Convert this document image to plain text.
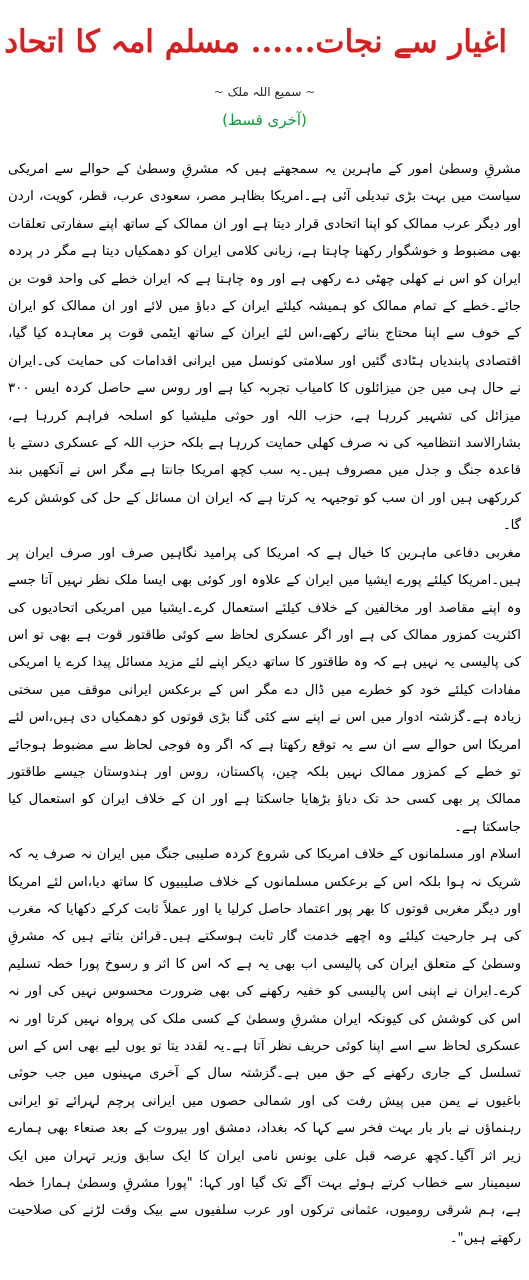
اغیار سے نجات...... مسلم امہ کا اتحاد
~ سمیع اللہ ملک ~
(آخری قسط)

مشرقِ وسطیٰ امور کے ماہرین یہ سمجھتے ہیں کہ مشرقِ وسطیٰ کے حوالے سے امریکی سیاست میں بہت بڑی تبدیلی آئی ہے۔امریکا بظاہر مصر، سعودی عرب، قطر، کویت، اردن اور دیگر عرب ممالک کو اپنا اتحادی قرار دیتا ہے اور ان ممالک کے ساتھ اپنے سفارتی تعلقات بھی مضبوط و خوشگوار رکھنا چاہتا ہے، زبانی کلامی ایران کو دھمکیاں دیتا ہے مگر در پردہ ایران کو اس نے کھلی چھٹی دے رکھی ہے اور وہ چاہتا ہے کہ ایران خطے کی واحد قوت بن جائے۔خطے کے تمام ممالک کو ہمیشہ کیلئے ایران کے دباؤ میں لائے اور ان ممالک کو ایران کے خوف سے اپنا محتاج بنائے رکھے،اس لئے ایران کے ساتھ ایٹمی قوت پر معاہدہ کیا گیا، اقتصادی پابندیاں ہٹادی گئیں اور سلامتی کونسل میں ایرانی اقدامات کی حمایت کی۔ایران نے حال ہی میں جن میزائلوں کا کامیاب تجربہ کیا ہے اور روس سے حاصل کردہ ایس ٣٠٠ میزائل کی تشہیر کررہا ہے، حزب اللہ اور حوثی ملیشیا کو اسلحہ فراہم کررہا ہے، بشارالاسد انتظامیہ کی نہ صرف کھلی حمایت کررہا ہے بلکہ حزب اللہ کے عسکری دستے با قاعدہ جنگ و جدل میں مصروف ہیں۔یہ سب کچھ امریکا جانتا ہے مگر اس نے آنکھیں بند کررکھی ہیں اور ان سب کو توجیہہ یہ کرتا ہے کہ ایران ان مسائل کے حل کی کوشش کرے گا۔

مغربی دفاعی ماہرین کا خیال ہے کہ امریکا کی پرامید نگاہیں صرف اور صرف ایران پر ہیں۔امریکا کیلئے پورے ایشیا میں ایران کے علاوہ اور کوئی بھی ایسا ملک نظر نہیں آتا جسے وہ اپنے مقاصد اور مخالفین کے خلاف کیلئے استعمال کرے۔ایشیا میں امریکی اتحادیوں کی اکثریت کمزور ممالک کی ہے اور اگر عسکری لحاظ سے کوئی طاقتور قوت ہے بھی تو اس کی پالیسی یہ نہیں ہے کہ وہ طاقتور کا ساتھ دیکر اپنے لئے مزید مسائل پیدا کرے یا امریکی مفادات کیلئے خود کو خطرے میں ڈال دے مگر اس کے برعکس ایرانی موقف میں سختی زیادہ ہے۔گزشتہ ادوار میں اس نے اپنے سے کئی گنا بڑی قوتوں کو دھمکیاں دی ہیں،اس لئے امریکا اس حوالے سے ان سے یہ توقع رکھتا ہے کہ اگر وہ فوجی لحاظ سے مضبوط ہوجائے تو خطے کے کمزور ممالک نہیں بلکہ چین، پاکستان، روس اور ہندوستان جیسے طاقتور ممالک پر بھی کسی حد تک دباؤ بڑھایا جاسکتا ہے اور ان کے خلاف ایران کو استعمال کیا جاسکتا ہے۔

اسلام اور مسلمانوں کے خلاف امریکا کی شروع کردہ صلیبی جنگ میں ایران نہ صرف یہ کہ شریک نہ ہوا بلکہ اس کے برعکس مسلمانوں کے خلاف صلیبیوں کا ساتھ دیا،اس لئے امریکا اور دیگر مغربی قوتوں کا بھر پور اعتماد حاصل کرلیا یا اور عملاً ثابت کرکے دکھایا کہ مغرب کی ہر جارحیت کیلئے وہ اچھے خدمت گار ثابت ہوسکتے ہیں۔قرائن بتاتے ہیں کہ مشرقِ وسطیٰ کے متعلق ایران کی پالیسی اب بھی یہ ہے کہ اس کا اثر و رسوخ پورا خطہ تسلیم کرے۔ایران نے اپنی اس پالیسی کو خفیہ رکھنے کی بھی ضرورت محسوس نہیں کی اور نہ اس کی کوشش کی کیونکہ ایران مشرقِ وسطیٰ کے کسی ملک کی پرواہ نہیں کرتا اور نہ عسکری لحاظ سے اسے اپنا کوئی حریف نظر آتا ہے۔یہ لقدد یتا تو یوں لیے بھی اس کے اس تسلسل کے جاری رکھنے کے حق میں ہے۔گزشتہ سال کے آخری مہینوں میں جب حوثی باغیوں نے یمن میں پیش رفت کی اور شمالی حصوں میں ایرانی پرچم لہرائے تو ایرانی رہنماؤں نے بار بار بہت فخر سے کہا کہ بغداد، دمشق اور بیروت کے بعد صنعاء بھی ہمارے زیر اثر آگیا۔کچھ عرصہ قبل علی یونس نامی ایران کا ایک سابق وزیر تہران میں ایک سیمینار سے خطاب کرتے ہوئے بہت آگے تک گیا اور کہا: "پورا مشرقِ وسطیٰ ہمارا خطہ ہے، ہم شرقی رومیوں، عثمانی ترکوں اور عرب سلفیوں سے بیک وقت لڑنے کی صلاحیت رکھتے ہیں"۔
